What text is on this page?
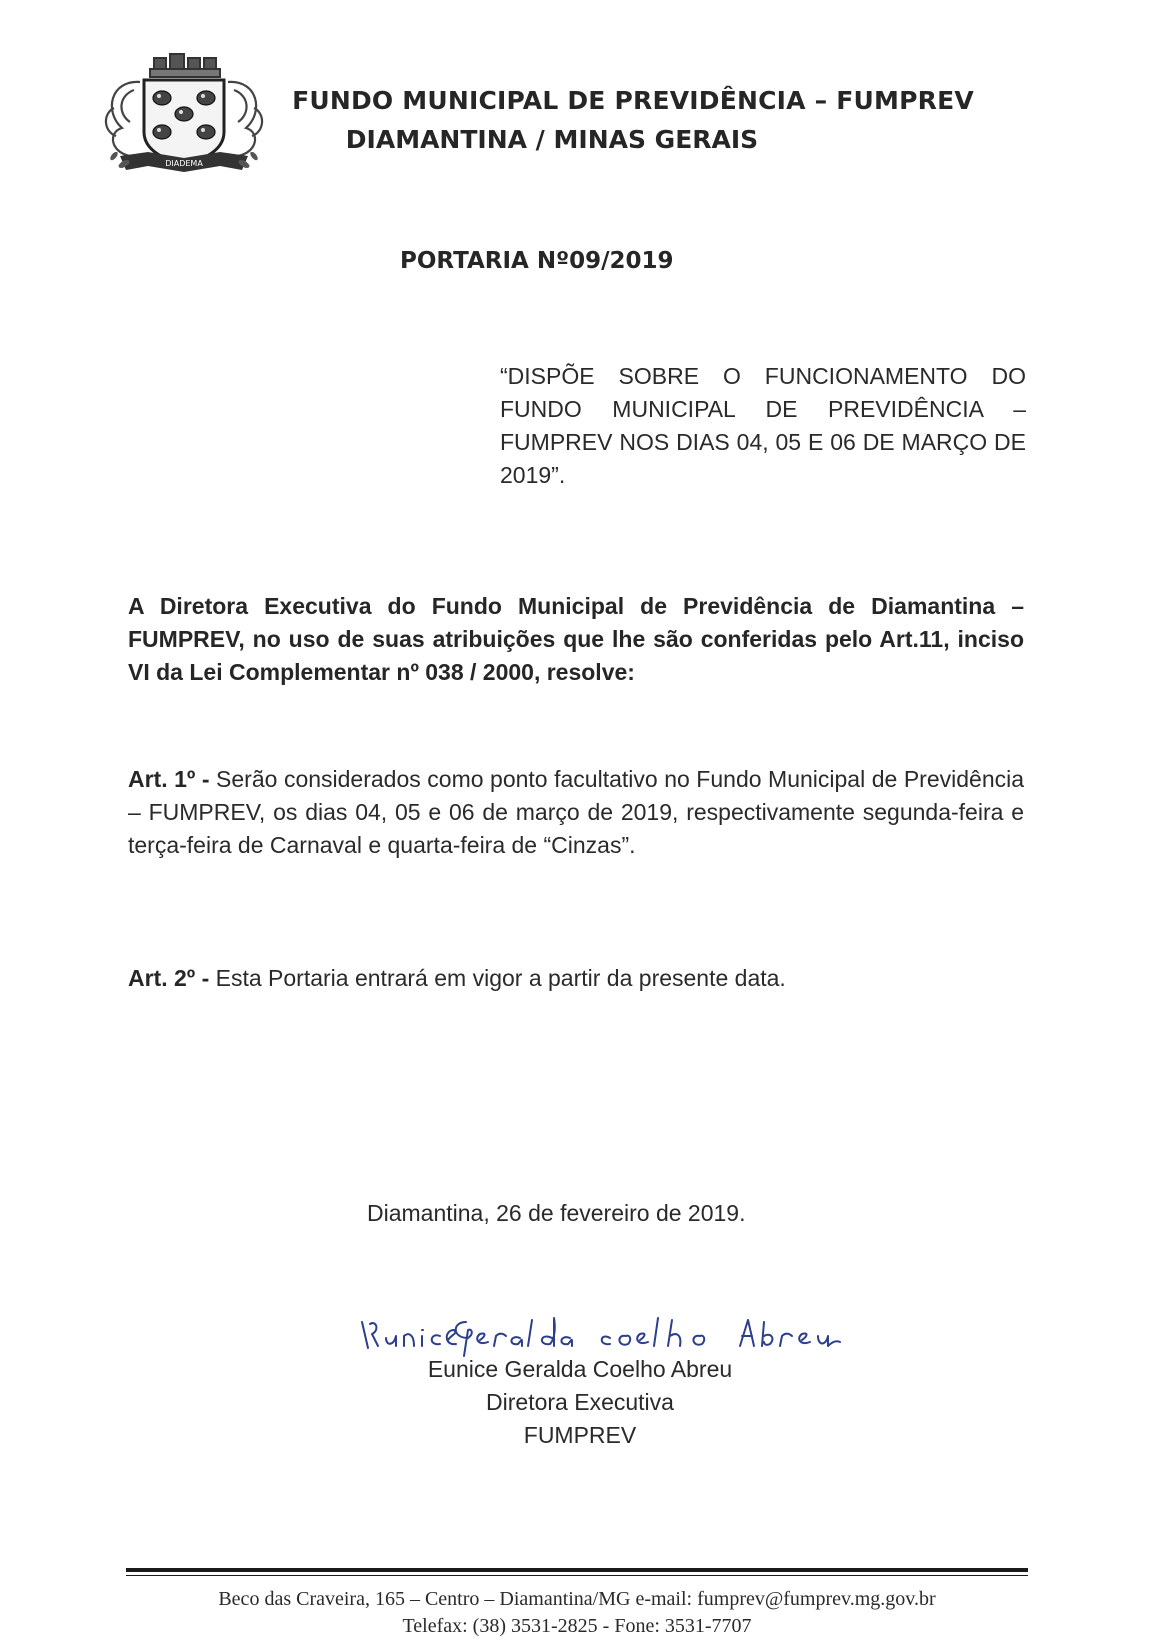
DIADEMA
FUNDO MUNICIPAL DE PREVIDÊNCIA – FUMPREV
DIAMANTINA / MINAS GERAIS
PORTARIA Nº09/2019
“DISPÕE SOBRE O FUNCIONAMENTO DO FUNDO MUNICIPAL DE PREVIDÊNCIA – FUMPREV NOS DIAS 04, 05 E 06 DE MARÇO DE 2019”.
A Diretora Executiva do Fundo Municipal de Previdência de Diamantina – FUMPREV, no uso de suas atribuições que lhe são conferidas pelo Art.11, inciso VI da Lei Complementar nº 038 / 2000, resolve:
Art. 1º - Serão considerados como ponto facultativo no Fundo Municipal de Previdência – FUMPREV, os dias 04, 05 e 06 de março de 2019, respectivamente segunda-feira e terça-feira de Carnaval e quarta-feira de “Cinzas”.
Art. 2º - Esta Portaria entrará em vigor a partir da presente data.
Diamantina, 26 de fevereiro de 2019.
Eunice Geralda Coelho Abreu
Diretora Executiva
FUMPREV
Beco das Craveira, 165 – Centro – Diamantina/MG e-mail: fumprev@fumprev.mg.gov.br
Telefax: (38) 3531-2825 - Fone: 3531-7707
